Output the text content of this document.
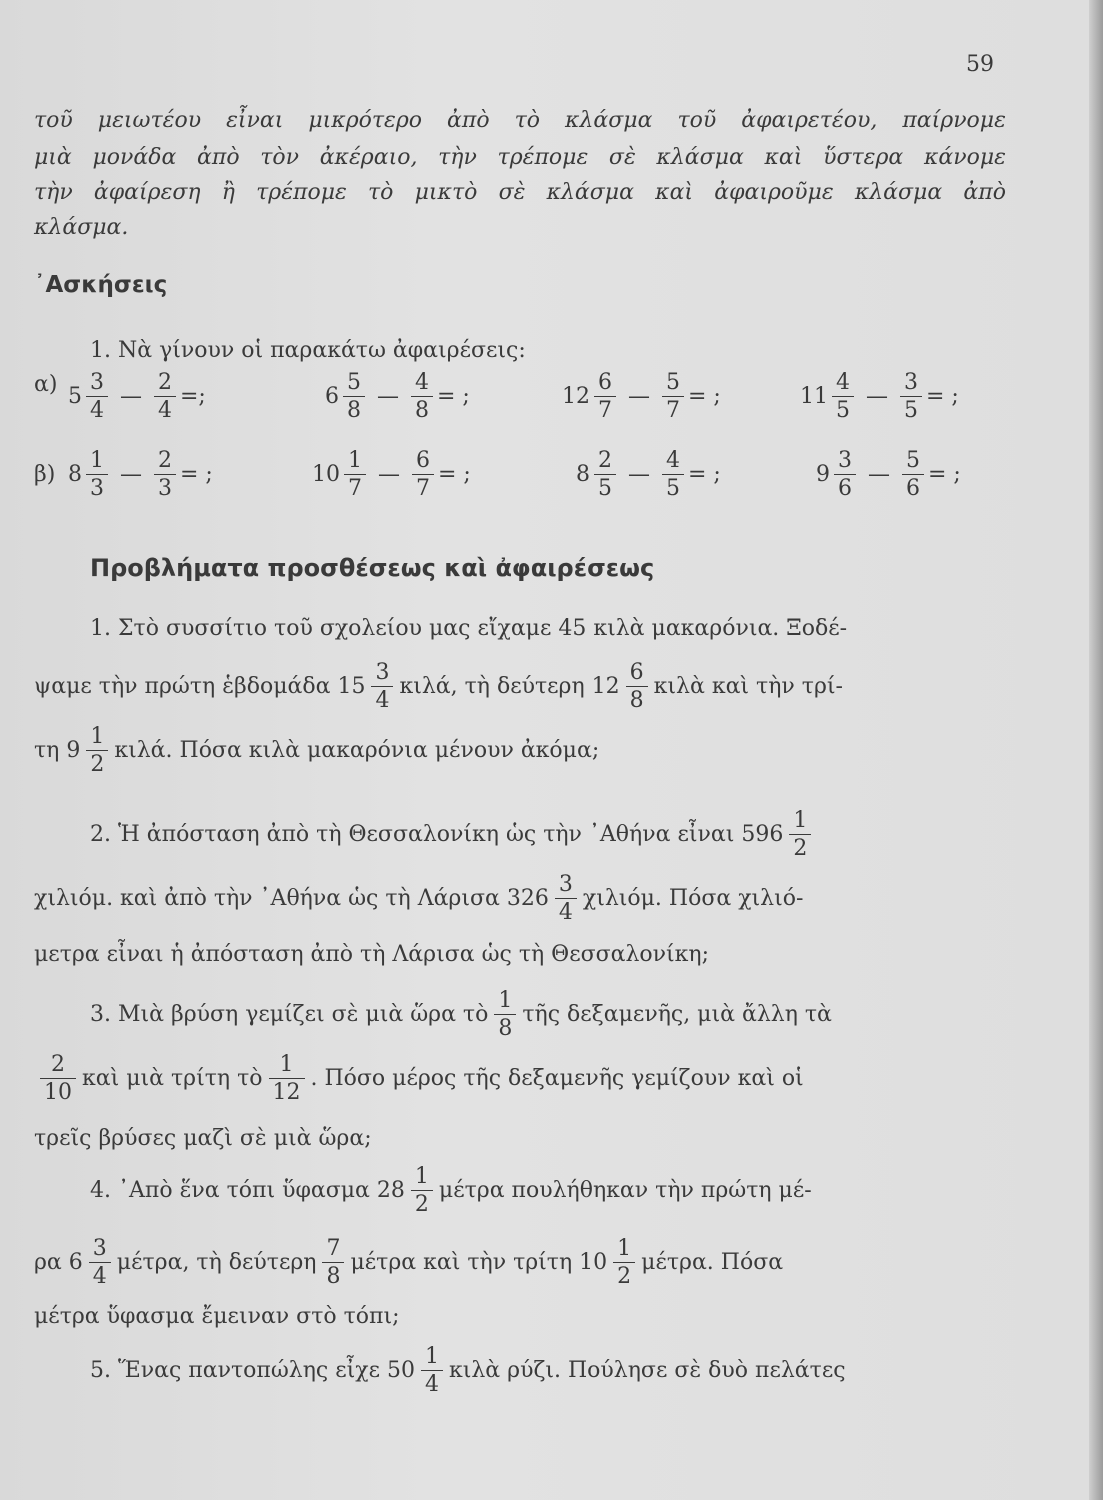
59
τοῦ μειωτέου εἶναι μικρότερο ἀπὸ τὸ κλάσμα τοῦ ἀφαιρετέου, παίρνομε
μιὰ μονάδα ἀπὸ τὸν ἀκέραιο, τὴν τρέπομε σὲ κλάσμα καὶ ὕστερα κάνομε
τὴν ἀφαίρεση ἢ τρέπομε τὸ μικτὸ σὲ κλάσμα καὶ ἀφαιροῦμε κλάσμα ἀπὸ
κλάσμα.
᾿Ασκήσεις
1. Νὰ γίνουν οἱ παρακάτω ἀφαιρέσεις:
α) $5 \frac{3}{4}$ — $\frac{2}{4}$ =;	$6 \frac{5}{8}$ — $\frac{4}{8}$ = ;	$12 \frac{6}{7}$ — $\frac{5}{7}$ = ;	$11 \frac{4}{5}$ — $\frac{3}{5}$ = ;
β) $8 \frac{1}{3}$ — $\frac{2}{3}$ = ;	$10 \frac{1}{7}$ — $\frac{6}{7}$ = ;	$8 \frac{2}{5}$ — $\frac{4}{5}$ = ;	$9 \frac{3}{6}$ — $\frac{5}{6}$ = ;
Προβλήματα προσθέσεως καὶ ἀφαιρέσεως
1. Στὸ συσσίτιο τοῦ σχολείου μας εἴχαμε 45 κιλὰ μακαρόνια. Ξοδέ-
ψαμε τὴν πρώτη ἑβδομάδα $15 \frac{3}{4} \kappa\iota\lambda ά$, τὴ δεύτερη $12 \frac{6}{8}$ κιλὰ καὶ τὴν τρί-
τη $9 \frac{1}{2} \kappa\iota\lambda ά$. Πόσα κιλὰ μακαρόνια μένουν ἀκόμα;
2. Ἡ ἀπόσταση ἀπὸ τὴ Θεσσαλονίκη ὡς τὴν ᾿Αθήνα εἶναι $596 \frac{1}{2}$
χιλιόμ. καὶ ἀπὸ τὴν ᾿Αθήνα ὡς τὴ Λάρισα $326 \frac{3}{4} \chi\iota\lambda\iota ό\mu$. Πόσα χιλιό-
μετρα εἶναι ἡ ἀπόσταση ἀπὸ τὴ Λάρισα ὡς τὴ Θεσσαλονίκη;
3. Μιὰ βρύση γεμίζει σὲ μιὰ ὥρα τὸ $\frac{1}{8}$ τῆς δεξαμενῆς, μιὰ ἄλλη τὰ
$\frac{2}{10}$ καὶ μιὰ τρίτη τὸ $\frac{1}{12}$ . Πόσο μέρος τῆς δεξαμενῆς γεμίζουν καὶ οἱ
τρεῖς βρύσες μαζὶ σὲ μιὰ ὥρα;
4. ᾿Απὸ ἕνα τόπι ὕφασμα $28 \frac{1}{2}$ μέτρα πουλήθηκαν τὴν πρώτη μέ-
ρα $6 \frac{3}{4} \mu έ\tau\rho\alpha$, τὴ δεύτερη $\frac{7}{8}$ μέτρα καὶ τὴν τρίτη $10 \frac{1}{2} \mu έ\tau\rho\alpha$. Πόσα
μέτρα ὕφασμα ἔμειναν στὸ τόπι;
5. Ἕνας παντοπώλης εἶχε $50 \frac{1}{4}$ κιλὰ ρύζι. Πούλησε σὲ δυὸ πελάτες
